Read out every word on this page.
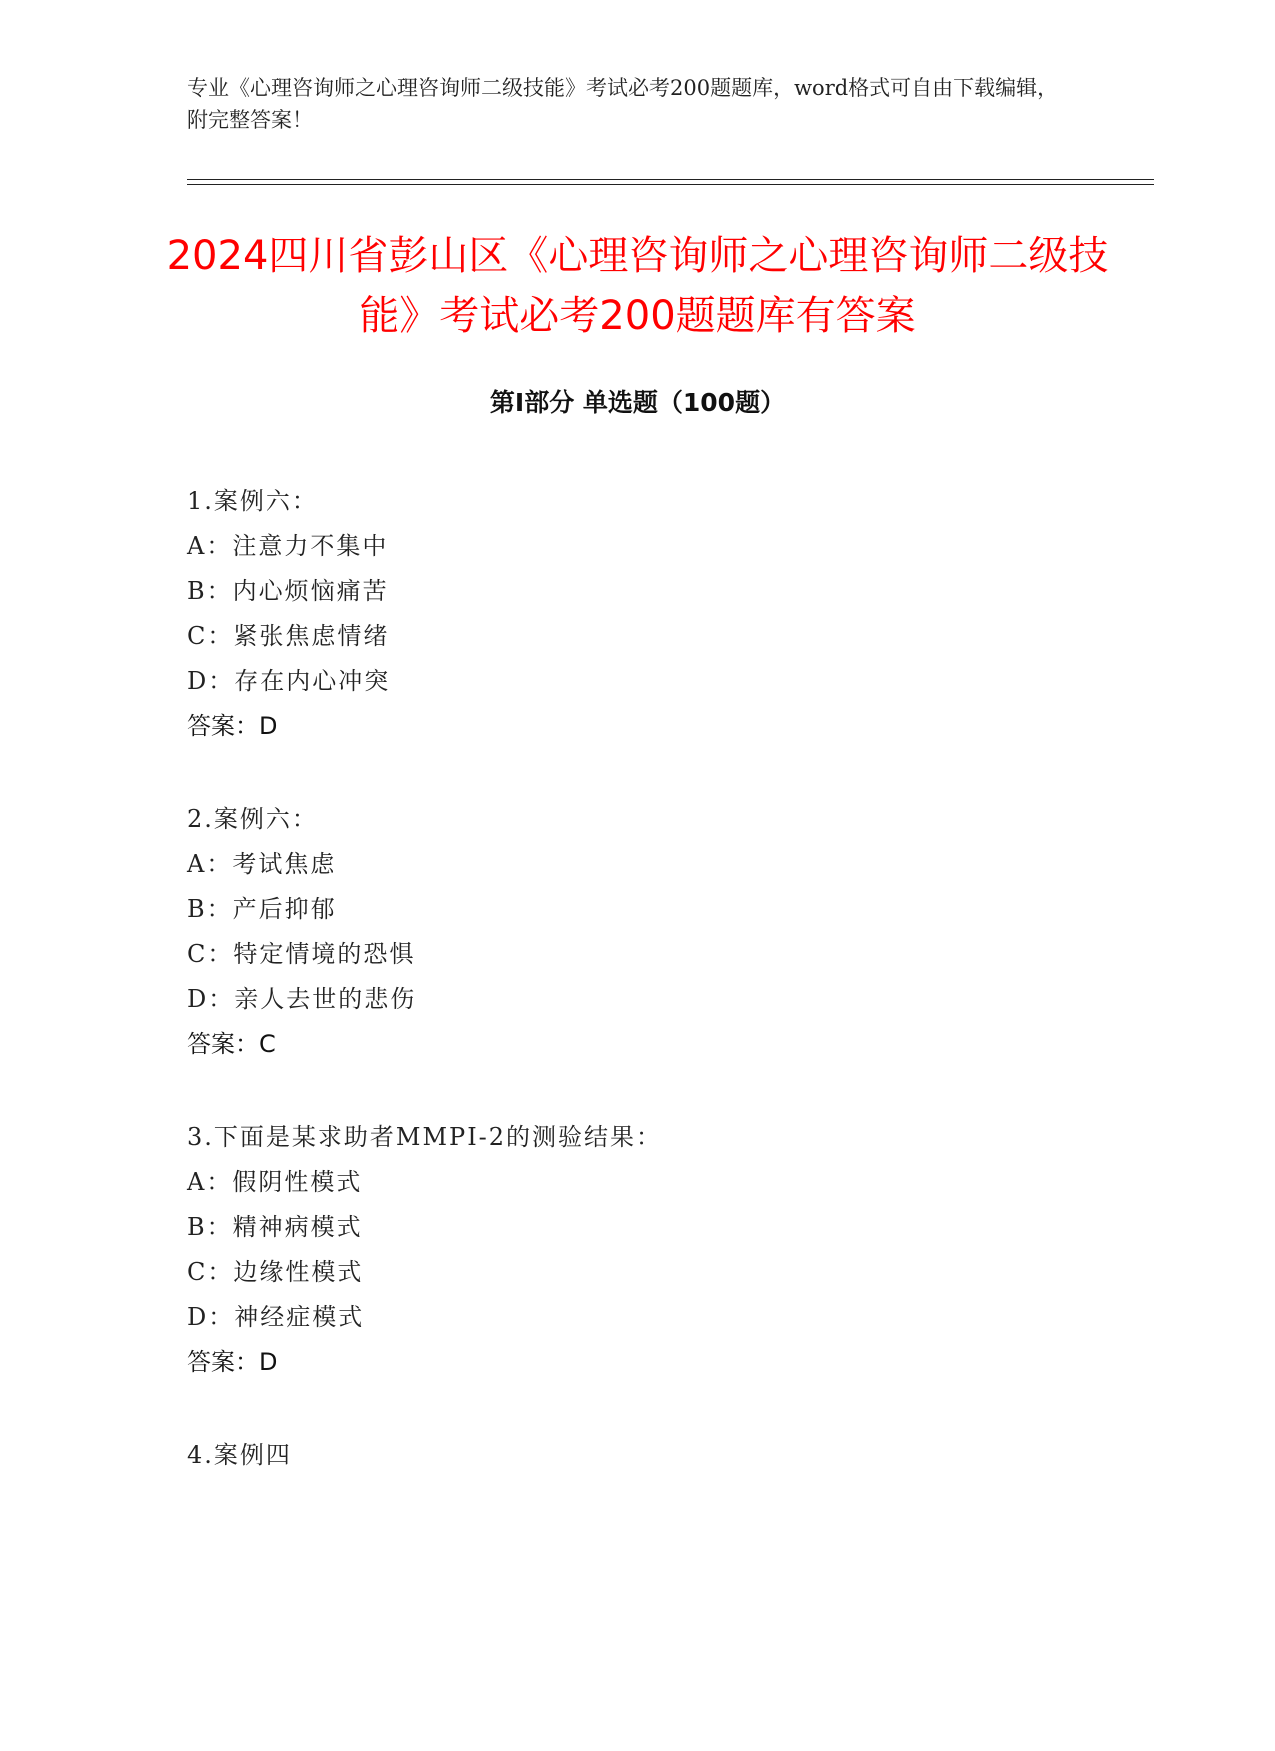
专业《心理咨询师之心理咨询师二级技能》考试必考200题题库，word格式可自由下载编辑，附完整答案！

2024四川省彭山区《心理咨询师之心理咨询师二级技能》考试必考200题题库有答案
第Ⅰ部分 单选题（100题）
1.案例六：
A：注意力不集中
B：内心烦恼痛苦
C：紧张焦虑情绪
D：存在内心冲突
答案：D
2.案例六：
A：考试焦虑
B：产后抑郁
C：特定情境的恐惧
D：亲人去世的悲伤
答案：C
3.下面是某求助者MMPI-2的测验结果：
A：假阴性模式
B：精神病模式
C：边缘性模式
D：神经症模式
答案：D
4.案例四
